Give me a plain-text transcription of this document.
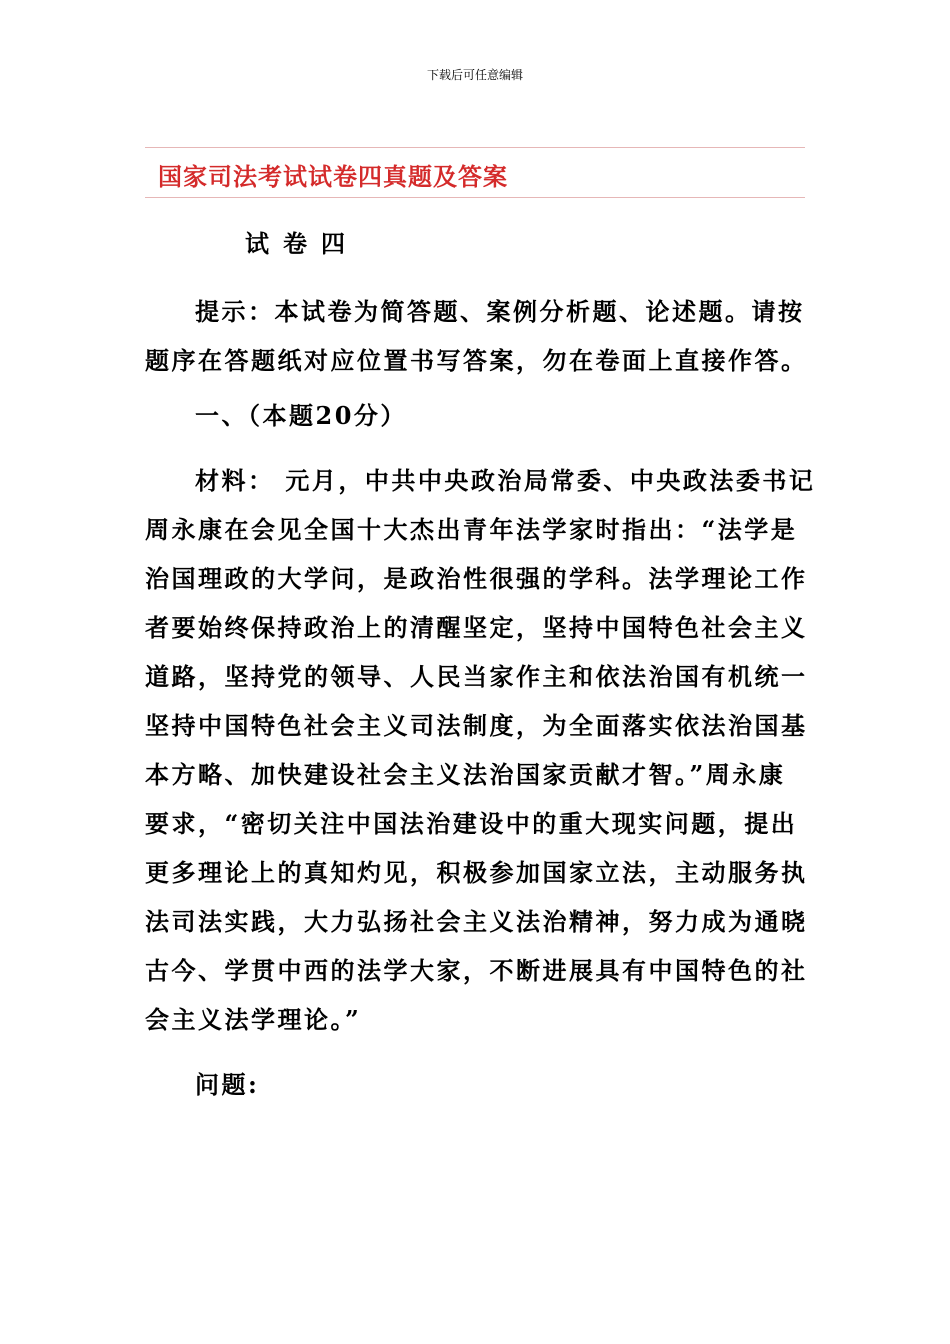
下载后可任意编辑
国家司法考试试卷四真题及答案
试卷四
提示：本试卷为简答题、案例分析题、论述题。请按
题序在答题纸对应位置书写答案，勿在卷面上直接作答。
一、（本题20分）
材料： 元月，中共中央政治局常委、中央政法委书记
周永康在会见全国十大杰出青年法学家时指出：“法学是
治国理政的大学问，是政治性很强的学科。法学理论工作
者要始终保持政治上的清醒坚定，坚持中国特色社会主义
道路，坚持党的领导、人民当家作主和依法治国有机统一
坚持中国特色社会主义司法制度，为全面落实依法治国基
本方略、加快建设社会主义法治国家贡献才智。”周永康
要求，“密切关注中国法治建设中的重大现实问题，提出
更多理论上的真知灼见，积极参加国家立法，主动服务执
法司法实践，大力弘扬社会主义法治精神，努力成为通晓
古今、学贯中西的法学大家，不断进展具有中国特色的社
会主义法学理论。”
问题:
